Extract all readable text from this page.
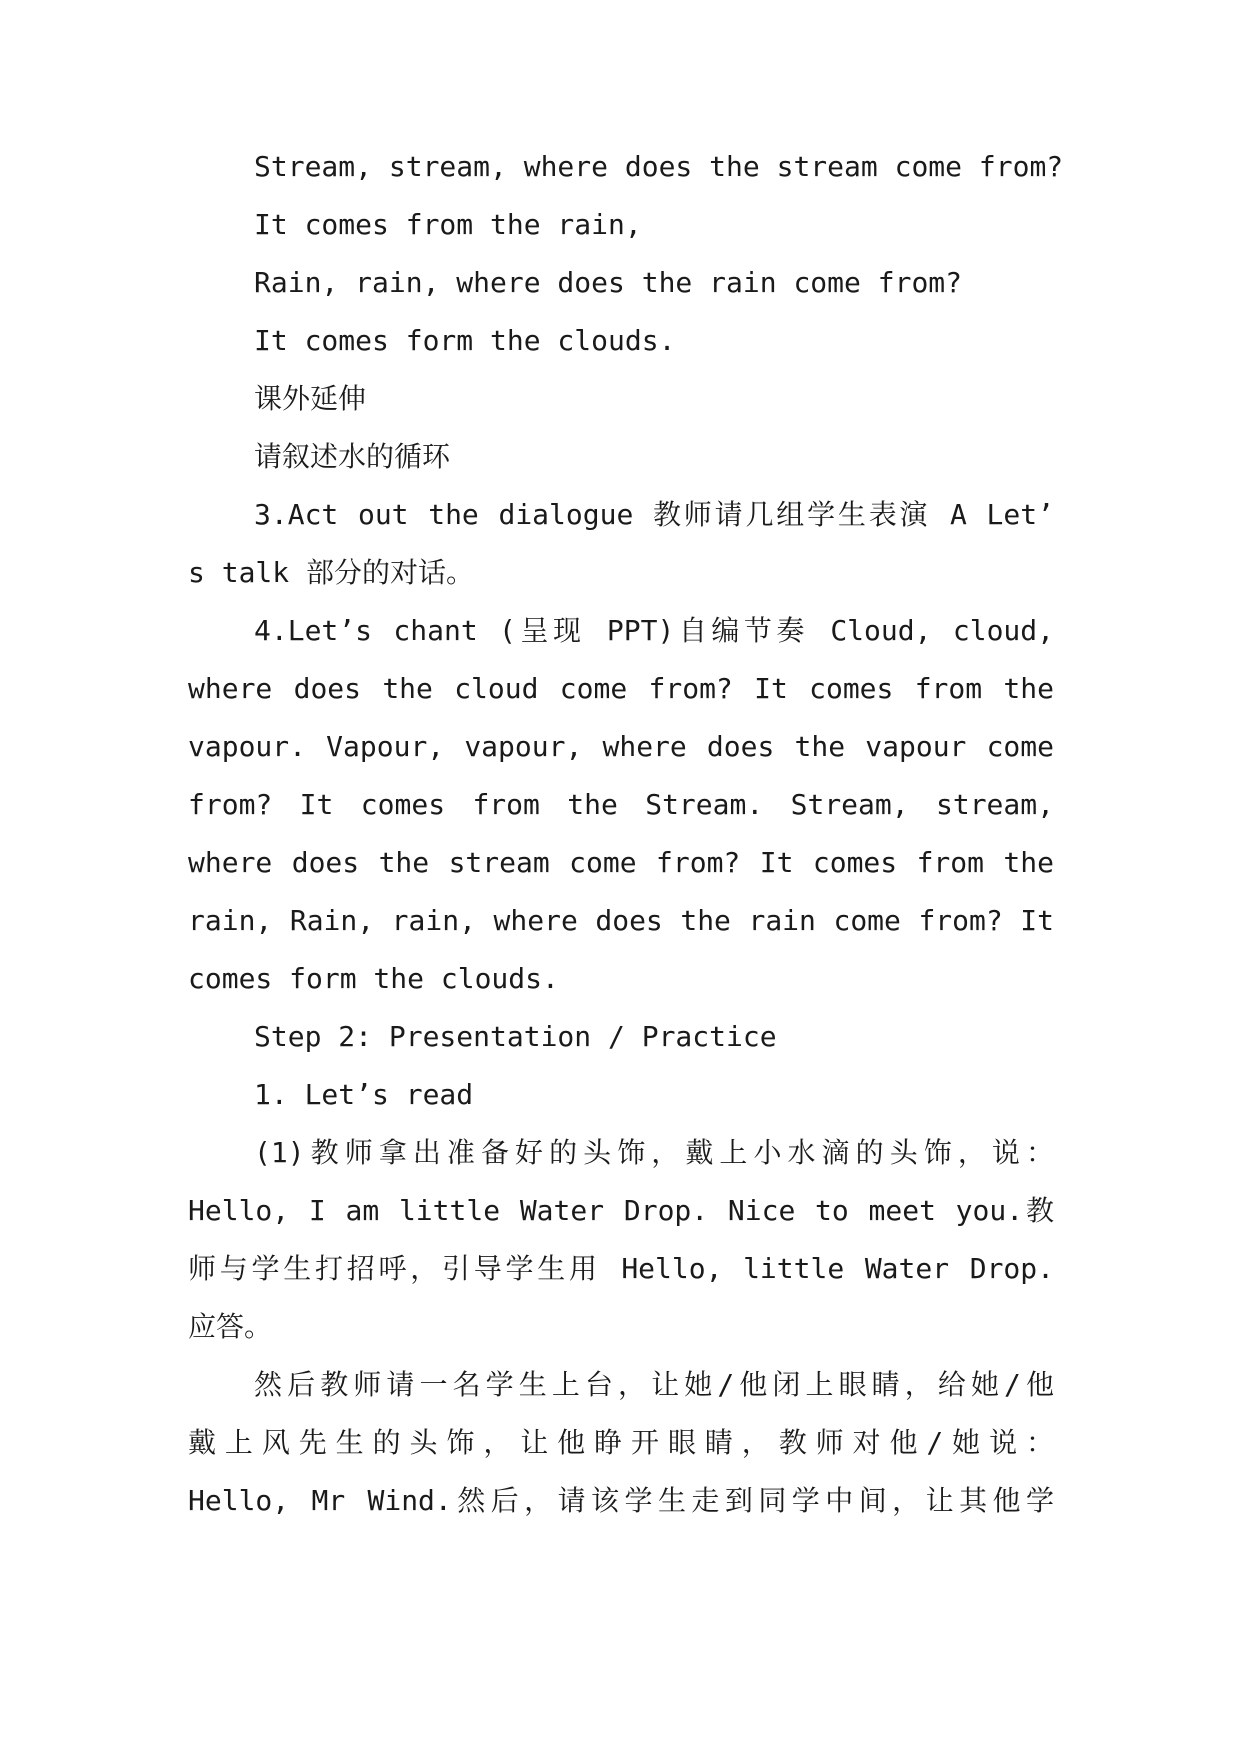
Stream, stream, where does the stream come from?
It comes from the rain,
Rain, rain, where does the rain come from?
It comes form the clouds.
课外延伸
请叙述水的循环
3.Act out the dialogue 教师请几组学生表演 A Let’
s talk 部分的对话。
4.Let’s chant (呈现 PPT)自编节奏 Cloud, cloud,
where does the cloud come from? It comes from the
vapour. Vapour, vapour, where does the vapour come
from? It comes from the Stream. Stream, stream,
where does the stream come from? It comes from the
rain, Rain, rain, where does the rain come from? It
comes form the clouds.
Step 2: Presentation / Practice
1. Let’s read
(1)教师拿出准备好的头饰，戴上小水滴的头饰，说：
Hello, I am little Water Drop. Nice to meet you.教
师与学生打招呼，引导学生用 Hello, little Water Drop.
应答。
然后教师请一名学生上台，让她/他闭上眼睛，给她/他
戴上风先生的头饰，让他睁开眼睛，教师对他/她说：
Hello, Mr Wind.然后，请该学生走到同学中间，让其他学
